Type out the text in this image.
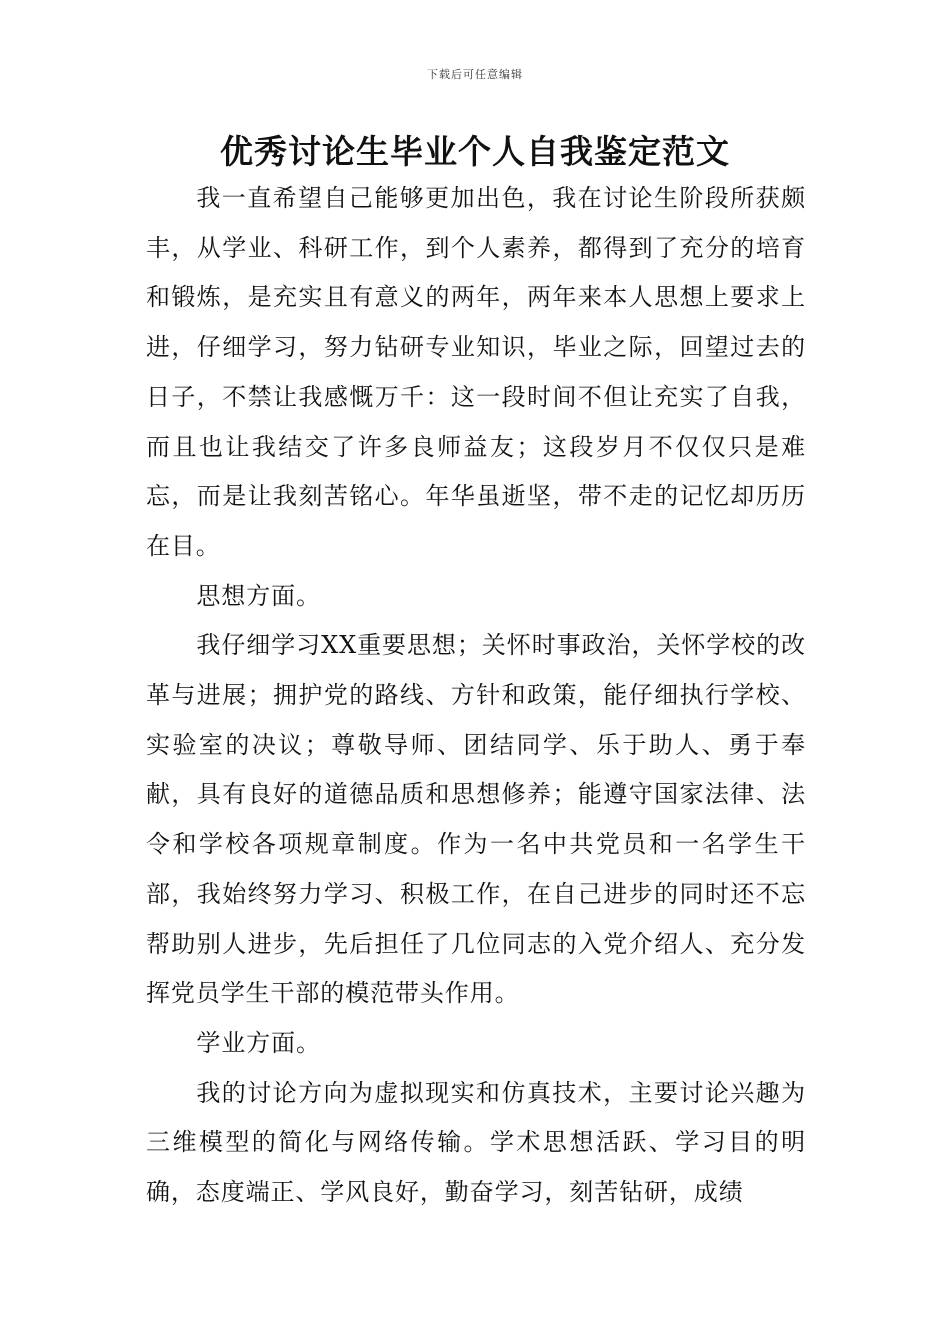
下载后可任意编辑
优秀讨论生毕业个人自我鉴定范文

我一直希望自己能够更加出色，我在讨论生阶段所获颇丰，从学业、科研工作，到个人素养，都得到了充分的培育和锻炼，是充实且有意义的两年，两年来本人思想上要求上进，仔细学习，努力钻研专业知识，毕业之际，回望过去的日子，不禁让我感慨万千：这一段时间不但让充实了自我，而且也让我结交了许多良师益友；这段岁月不仅仅只是难忘，而是让我刻苦铭心。年华虽逝坚，带不走的记忆却历历在目。

思想方面。

我仔细学习XX重要思想；关怀时事政治，关怀学校的改革与进展；拥护党的路线、方针和政策，能仔细执行学校、实验室的决议；尊敬导师、团结同学、乐于助人、勇于奉献，具有良好的道德品质和思想修养；能遵守国家法律、法令和学校各项规章制度。作为一名中共党员和一名学生干部，我始终努力学习、积极工作，在自己进步的同时还不忘帮助别人进步，先后担任了几位同志的入党介绍人、充分发挥党员学生干部的模范带头作用。

学业方面。

我的讨论方向为虚拟现实和仿真技术，主要讨论兴趣为三维模型的简化与网络传输。学术思想活跃、学习目的明确，态度端正、学风良好，勤奋学习，刻苦钻研，成绩
